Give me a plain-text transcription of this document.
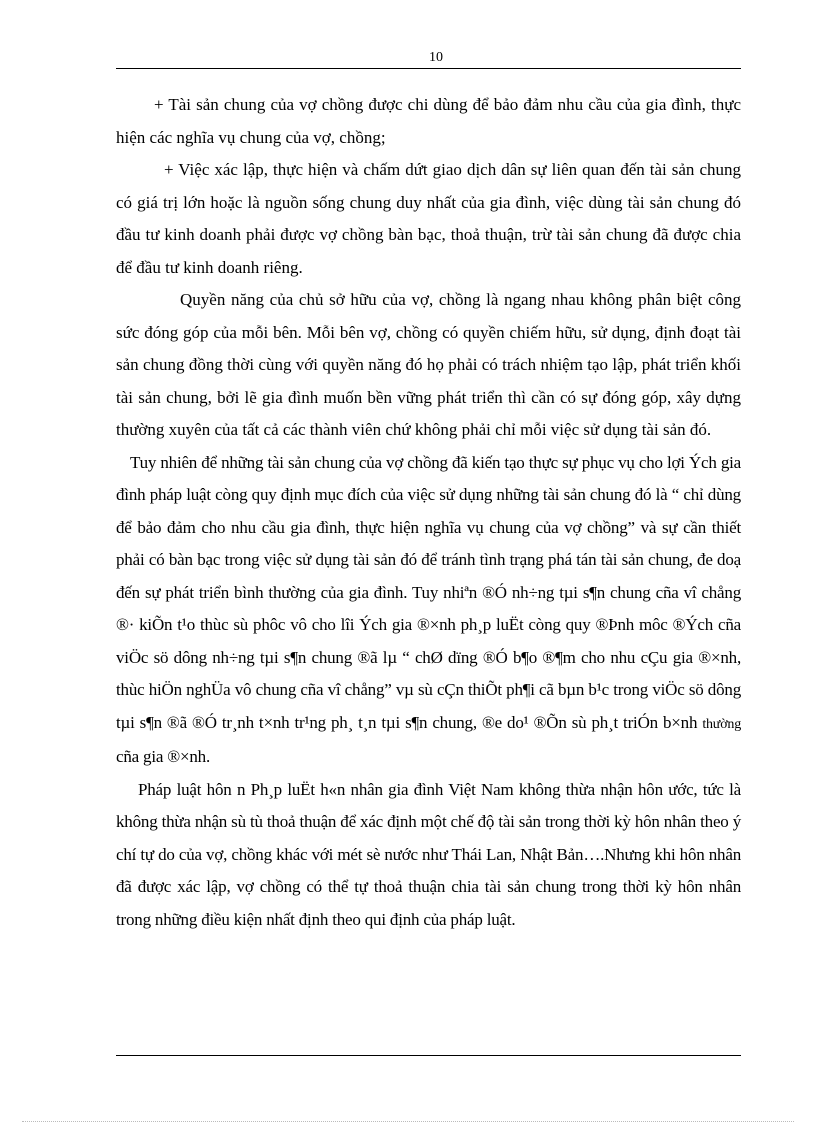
10

+ Tài sản chung của vợ chồng được chi dùng để bảo đảm nhu cầu của gia đình, thực hiện các nghĩa vụ chung của vợ, chồng;

+ Việc xác lập, thực hiện và chấm dứt giao dịch dân sự liên quan đến tài sản chung có giá trị lớn hoặc là nguồn sống chung duy nhất của gia đình, việc dùng tài sản chung đó đầu tư kinh doanh phải được vợ chồng bàn bạc, thoả thuận, trừ tài sản chung đã được chia để đầu tư kinh doanh riêng.

Quyền năng của chủ sở hữu của vợ, chồng là ngang nhau không phân biệt công sức đóng góp của mỗi bên. Mỗi bên vợ, chồng có quyền chiếm hữu, sử dụng, định đoạt tài sản chung đồng thời cùng với quyền năng đó họ phải có trách nhiệm tạo lập, phát triển khối tài sản chung, bởi lẽ gia đình muốn bền vững phát triển thì cần có sự đóng góp, xây dựng thường xuyên của tất cả các thành viên chứ không phải chỉ mỗi việc sử dụng tài sản đó.

Tuy nhiên để những tài sản chung của vợ chồng đã kiến tạo thực sự phục vụ cho lợi Ých gia đình pháp luật còng quy định mục đích của việc sử dụng những tài sản chung đó là “ chỉ dùng để bảo đảm cho nhu cầu gia đình, thực hiện nghĩa vụ chung của vợ chồng” và sự cần thiết phải có bàn bạc trong việc sử dụng tài sản đó để tránh tình trạng phá tán tài sản chung, đe doạ đến sự phát triển bình thường của gia đình. Tuy nhiªn ®Ó nh÷ng tµi s¶n chung cña vî chång ®· kiÕn t¹o thùc sù phôc vô cho lîi Ých gia ®×nh ph¸p luËt còng quy ®Þnh môc ®Ých cña viÖc sö dông nh÷ng tµi s¶n chung ®ã lµ “ chØ dïng ®Ó b¶o ®¶m cho nhu cÇu gia ®×nh, thùc hiÖn nghÜa vô chung cña vî chång” vµ sù cÇn thiÕt ph¶i cã bµn b¹c trong viÖc sö dông tµi s¶n ®ã ®Ó tr¸nh t×nh tr¹ng ph¸ t¸n tµi s¶n chung, ®e do¹ ®Õn sù ph¸t triÓn b×nh thường cña gia ®×nh.

Pháp luật hôn n Ph¸p luËt h«n nhân gia đình Việt Nam không thừa nhận hôn ước, tức là không thừa nhận sù tù thoả thuận để xác định một chế độ tài sản trong thời kỳ hôn nhân theo ý chí tự do của vợ, chồng khác với mét sè nước như Thái Lan, Nhật Bản….Nhưng khi hôn nhân đã được xác lập, vợ chồng có thể tự thoả thuận chia tài sản chung trong thời kỳ hôn nhân trong những điều kiện nhất định theo qui định của pháp luật.
